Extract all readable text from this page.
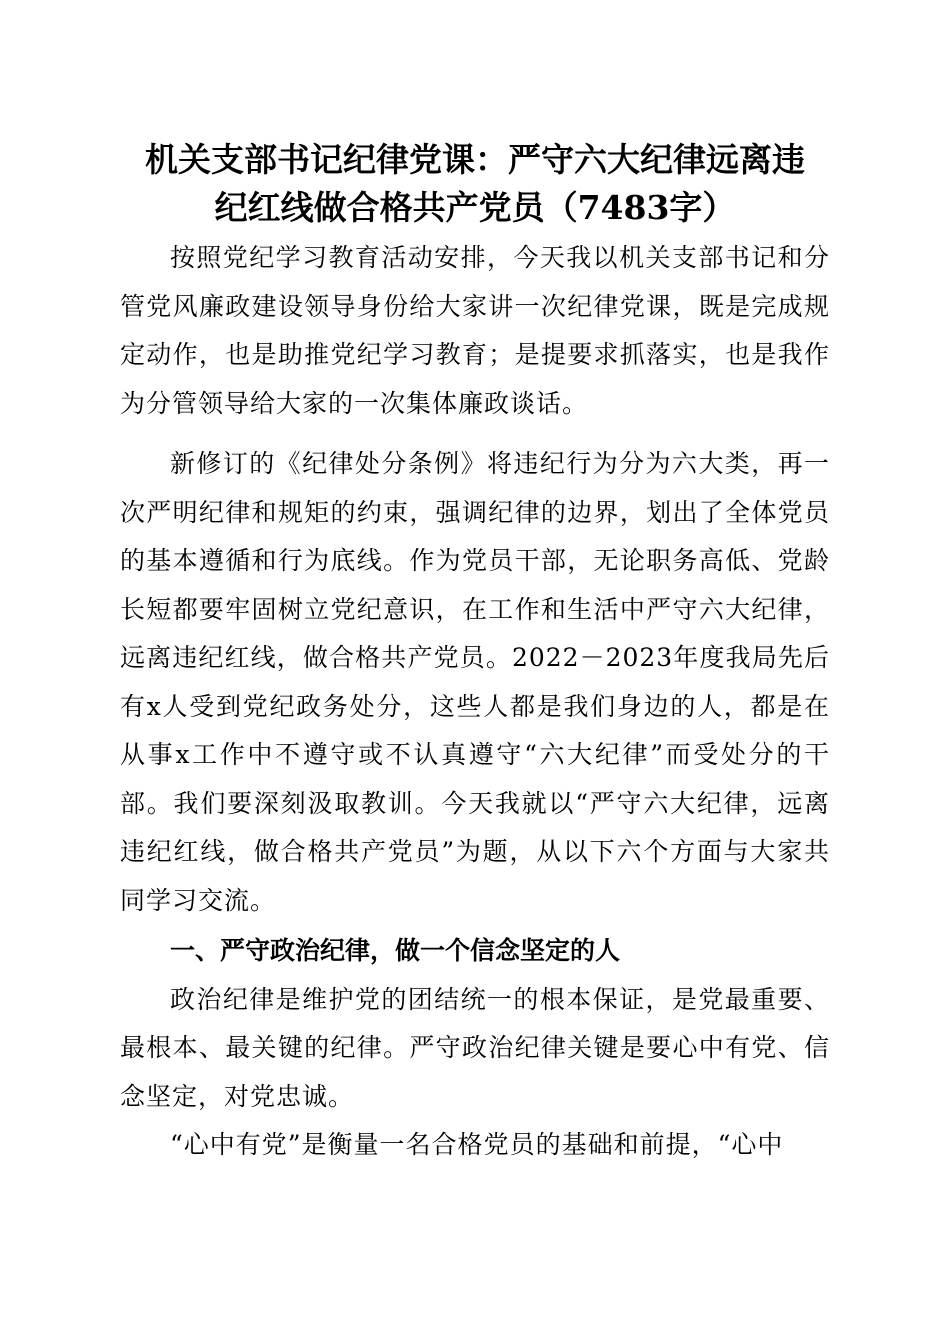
机关支部书记纪律党课：严守六大纪律远离违
纪红线做合格共产党员（7483字）

按照党纪学习教育活动安排，今天我以机关支部书记和分管党风廉政建设领导身份给大家讲一次纪律党课，既是完成规定动作，也是助推党纪学习教育；是提要求抓落实，也是我作为分管领导给大家的一次集体廉政谈话。

新修订的《纪律处分条例》将违纪行为分为六大类，再一次严明纪律和规矩的约束，强调纪律的边界，划出了全体党员的基本遵循和行为底线。作为党员干部，无论职务高低、党龄长短都要牢固树立党纪意识，在工作和生活中严守六大纪律，远离违纪红线，做合格共产党员。2022－2023年度我局先后有x人受到党纪政务处分，这些人都是我们身边的人，都是在从事x工作中不遵守或不认真遵守“六大纪律”而受处分的干部。我们要深刻汲取教训。今天我就以“严守六大纪律，远离违纪红线，做合格共产党员”为题，从以下六个方面与大家共同学习交流。

一、严守政治纪律，做一个信念坚定的人

政治纪律是维护党的团结统一的根本保证，是党最重要、最根本、最关键的纪律。严守政治纪律关键是要心中有党、信念坚定，对党忠诚。

“心中有党”是衡量一名合格党员的基础和前提，“心中
